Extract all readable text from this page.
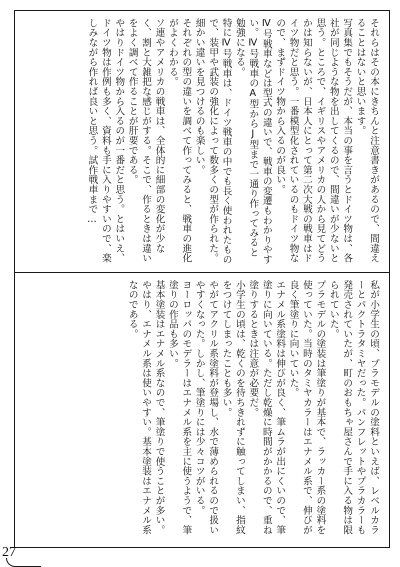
それらはその本にきちんと注意書きがあるので、間違えることはないと思います。

写真集でもそうだが、本当の事を言うとドイツ物は、各社が同じような物を出してくるので、間違いが少ないと思う。ところで、イギリスやアメリカの人から見てどうかは知らないが、日本人にとって第二次大戦の戦車はドイツ物だと思う。一番模型化されているのもドイツ物なので、まずドイツ物から入るのが良い。

Ⅳ号戦車などは型式の違いで、戦車の変遷もわかりやすい。Ⅳ号戦車のA型からJ型まで一通り作ってみると勉強になる。

特にⅣ号戦車は、ドイツ戦車の中でも長く使われたもので、装甲や武装の強化によって数多くの型が作られた。細かい違いを見つけるのも楽しい。

それぞれの型の違いを調べて作ってみると、戦車の進化がよくわかる。

ソ連やアメリカの戦車は、全体的に細部の変化が少なく、割と大雑把な感じがする。そこで、作るときは違いをよく調べて作ることが肝要である。

やはりドイツ物から入るのが一番だと思う。とはいえ、ドイツ物は作例も多く、資料も手に入りやすいので、楽しみながら作れば良いと思う。試作戦車まで…

私が小学生の頃、プラモデルの塗料といえば、レベルカラーとパクトラタミヤだった。パンフレットやプラカラーも発売されていたが、町のおもちゃ屋さんで手に入る物は限られていた。

プラモデルの塗装は筆塗りが基本で、ラッカー系の塗料を使っていた。当時のタミヤカラーはエナメル系で、伸びが良く筆塗りに向いていた。

エナメル系塗料は伸びが良く、筆ムラが出にくいので、筆塗りに向いている。ただし乾燥に時間がかかるので、重ね塗りするときは注意が必要だ。

小学生の頃は、乾くのを待ちきれずに触ってしまい、指紋をつけてしまったことも多い。

やがてアクリル系塗料が登場し、水で薄められるので扱いやすくなった。しかし、筆塗りには少々コツがいる。

ヨーロッパのモデラーはエナメル系を主に使うようで、筆塗りの作品も多い。

基本塗装はエナメル系なので、筆塗りで使うことが多い。やはり、エナメル系は使いやすい。基本塗装はエナメル系なのである。

27
